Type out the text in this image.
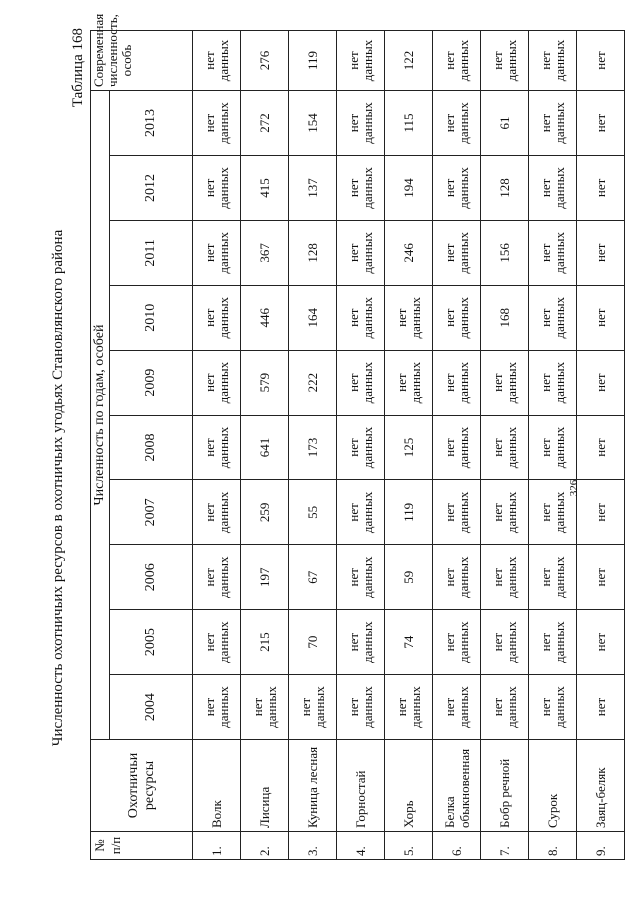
Численность охотничьих ресурсов в охотничьих угодьях Становлянского района
Таблица 168
№ п/п	Охотничьи ресурсы	Численность по годам, особей										Современная численность, особь
		2004	2005	2006	2007	2008	2009	2010	2011	2012	2013	
1.	Волк	нет данных	нет данных	нет данных	нет данных	нет данных	нет данных	нет данных	нет данных	нет данных	нет данных	нет данных
2.	Лисица	нет данных	215	197	259	641	579	446	367	415	272	276
3.	Куница лесная	нет данных	70	67	55	173	222	164	128	137	154	119
4.	Горностай	нет данных	нет данных	нет данных	нет данных	нет данных	нет данных	нет данных	нет данных	нет данных	нет данных	нет данных
5.	Хорь	нет данных	74	59	119	125	нет данных	нет данных	246	194	115	122
6.	Белка обыкновенная	нет данных	нет данных	нет данных	нет данных	нет данных	нет данных	нет данных	нет данных	нет данных	нет данных	нет данных
7.	Бобр речной	нет данных	нет данных	нет данных	нет данных	нет данных	нет данных	168	156	128	61	нет данных
8.	Сурок	нет данных	нет данных	нет данных	нет данных	нет данных	нет данных	нет данных	нет данных	нет данных	нет данных	нет данных
9.	Заяц-беляк	нет	нет	нет	нет	нет	нет	нет	нет	нет	нет	нет
326
